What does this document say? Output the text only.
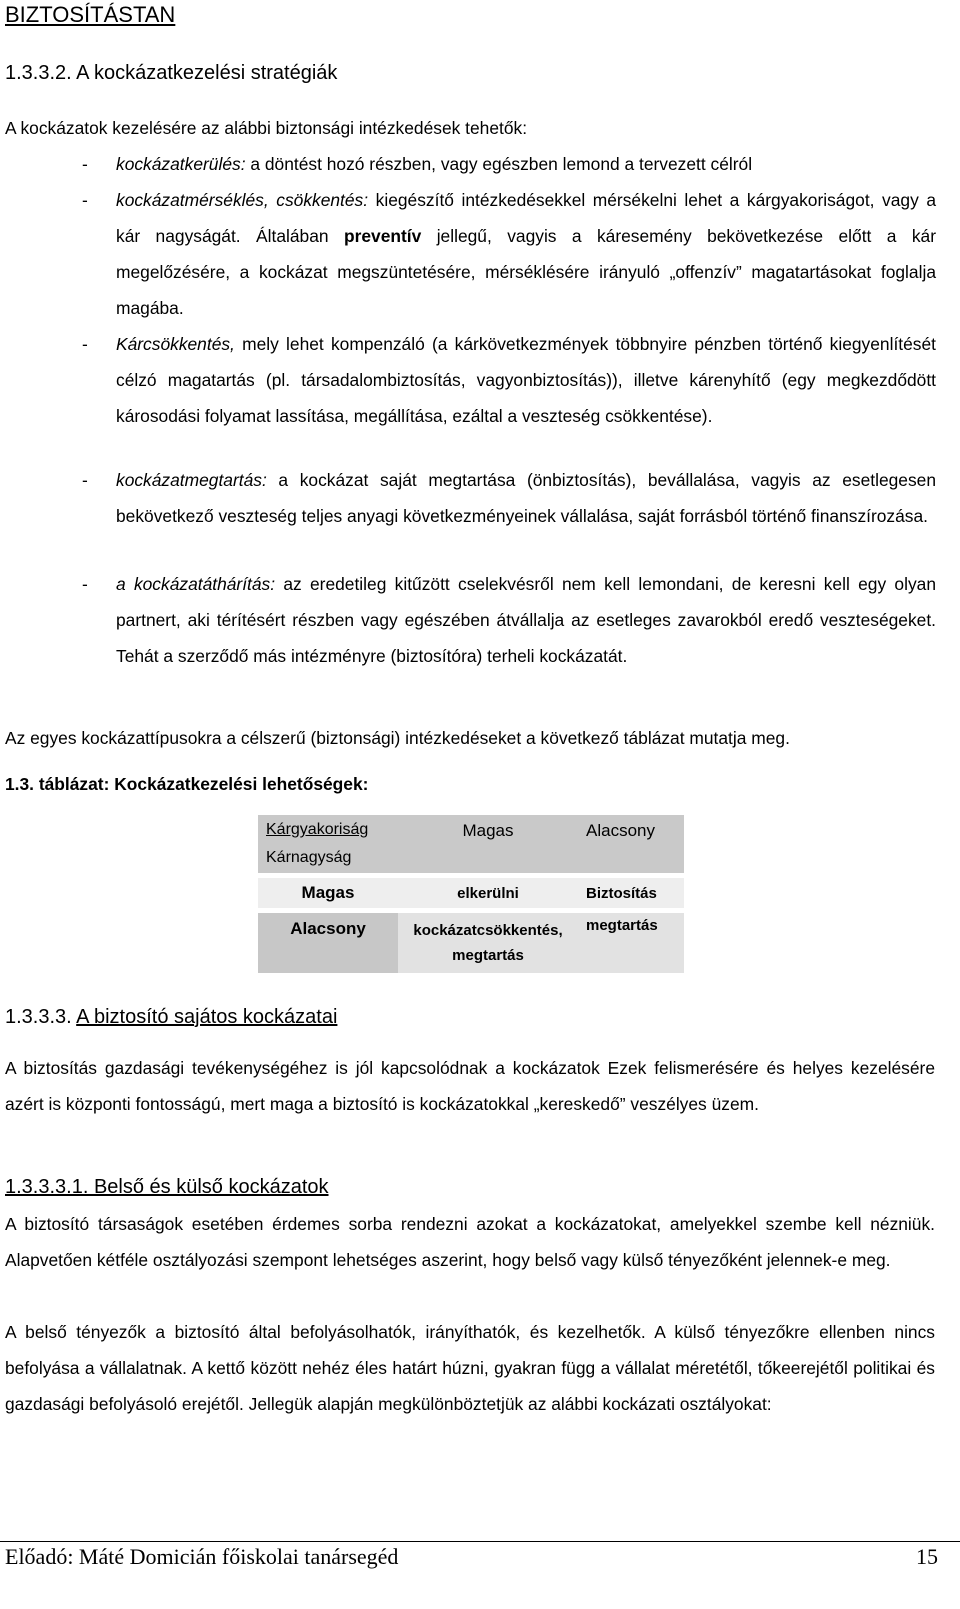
BIZTOSÍTÁSTAN
1.3.3.2. A kockázatkezelési stratégiák
A kockázatok kezelésére az alábbi biztonsági intézkedések tehetők:
- kockázatkerülés: a döntést hozó részben, vagy egészben lemond a tervezett célról
- kockázatmérséklés, csökkentés: kiegészítő intézkedésekkel mérsékelni lehet a kárgyakoriságot, vagy a kár nagyságát. Általában preventív jellegű, vagyis a káresemény bekövetkezése előtt a kár megelőzésére, a kockázat megszüntetésére, mérséklésére irányuló „offenzív” magatartásokat foglalja magába.
- Kárcsökkentés, mely lehet kompenzáló (a kárkövetkezmények többnyire pénzben történő kiegyenlítését célzó magatartás (pl. társadalombiztosítás, vagyonbiztosítás)), illetve kárenyhítő (egy megkezdődött károsodási folyamat lassítása, megállítása, ezáltal a veszteség csökkentése).
- kockázatmegtartás: a kockázat saját megtartása (önbiztosítás), bevállalása, vagyis az esetlegesen bekövetkező veszteség teljes anyagi következményeinek vállalása, saját forrásból történő finanszírozása.
- a kockázatáthárítás: az eredetileg kitűzött cselekvésről nem kell lemondani, de keresni kell egy olyan partnert, aki térítésért részben vagy egészében átvállalja az esetleges zavarokból eredő veszteségeket. Tehát a szerződő más intézményre (biztosítóra) terheli kockázatát.
Az egyes kockázattípusokra a célszerű (biztonsági) intézkedéseket a következő táblázat mutatja meg.
1.3. táblázat: Kockázatkezelési lehetőségek:
Kárgyakoriság
Kárnagyság	Magas	Alacsony
Magas	elkerülni	Biztosítás
Alacsony	kockázatcsökkentés, megtartás	megtartás
1.3.3.3. A biztosító sajátos kockázatai
A biztosítás gazdasági tevékenységéhez is jól kapcsolódnak a kockázatok Ezek felismerésére és helyes kezelésére azért is központi fontosságú, mert maga a biztosító is kockázatokkal „kereskedő” veszélyes üzem.
1.3.3.3.1. Belső és külső kockázatok
A biztosító társaságok esetében érdemes sorba rendezni azokat a kockázatokat, amelyekkel szembe kell nézniük. Alapvetően kétféle osztályozási szempont lehetséges aszerint, hogy belső vagy külső tényezőként jelennek-e meg.
A belső tényezők a biztosító által befolyásolhatók, irányíthatók, és kezelhetők. A külső tényezőkre ellenben nincs befolyása a vállalatnak. A kettő között nehéz éles határt húzni, gyakran függ a vállalat méretétől, tőkeerejétől politikai és gazdasági befolyásoló erejétől. Jellegük alapján megkülönböztetjük az alábbi kockázati osztályokat:
Előadó: Máté Domicián főiskolai tanársegéd	15
